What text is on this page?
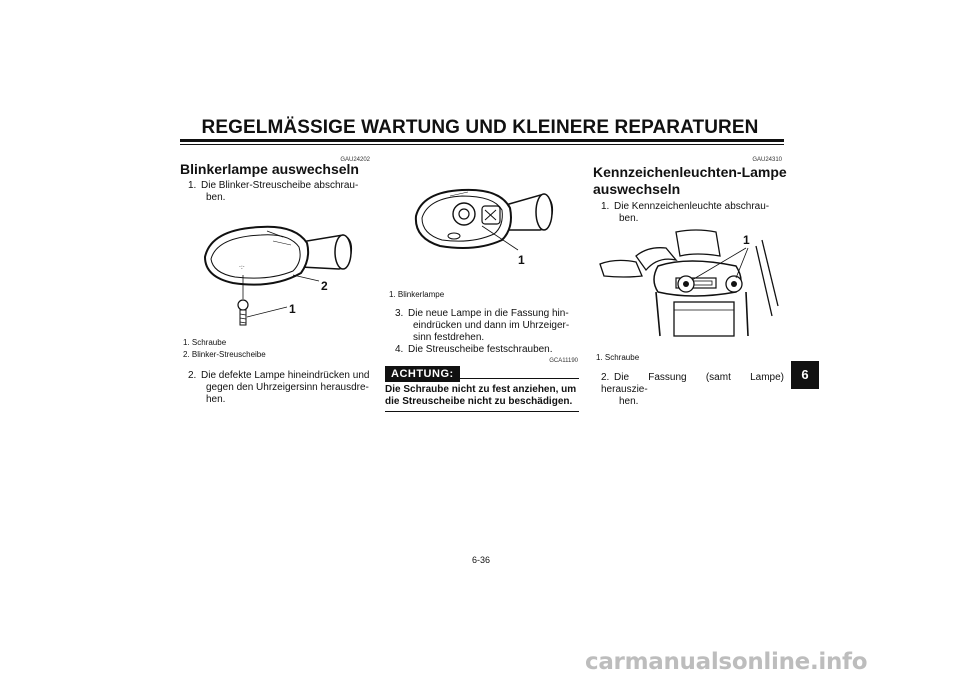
REGELMÄSSIGE WARTUNG UND KLEINERE REPARATUREN
GAU24202
Blinkerlampe auswechseln
1. Die Blinker-Streuscheibe abschrau-
ben.
·:·
2
1
1. Schraube
2. Blinker-Streuscheibe
2. Die defekte Lampe hineindrücken und
gegen den Uhrzeigersinn herausdre-
hen.
1
1. Blinkerlampe
3. Die neue Lampe in die Fassung hin-
eindrücken und dann im Uhrzeiger-
sinn festdrehen.
4. Die Streuscheibe festschrauben.
GCA11190
ACHTUNG:
Die Schraube nicht zu fest anziehen, um
die Streuscheibe nicht zu beschädigen.
GAU24310
Kennzeichenleuchten-Lampe
auswechseln
1. Die Kennzeichenleuchte abschrau-
ben.
1
1. Schraube
2. Die Fassung (samt Lampe) herauszie-
hen.
6
6-36
carmanualsonline.info
